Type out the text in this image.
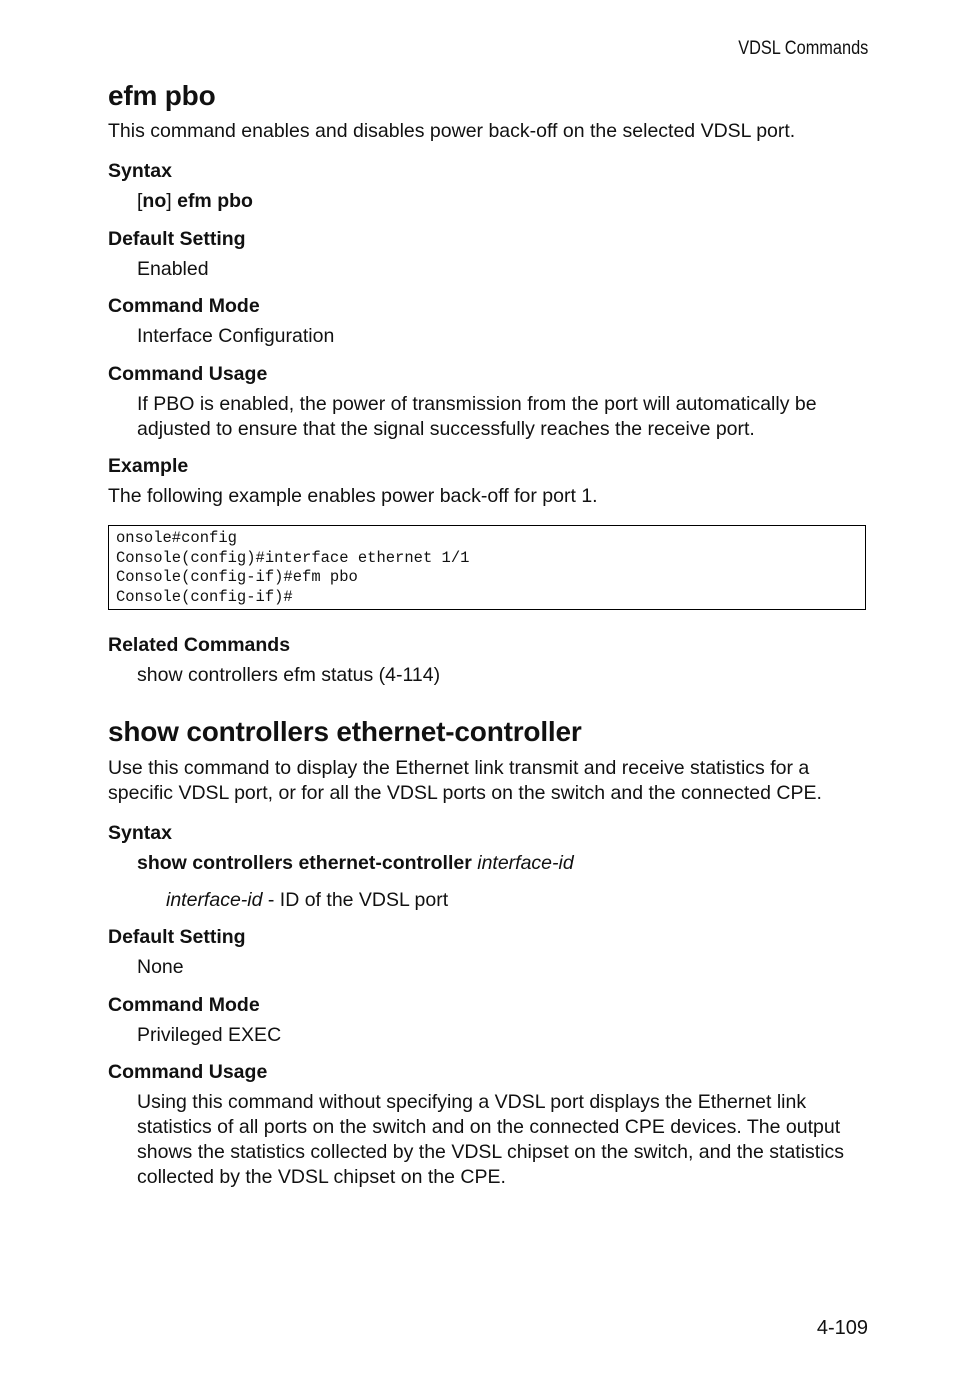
VDSL Commands
efm pbo

This command enables and disables power back-off on the selected VDSL port.

Syntax

[no] efm pbo

Default Setting

Enabled

Command Mode

Interface Configuration

Command Usage

If PBO is enabled, the power of transmission from the port will automatically be adjusted to ensure that the signal successfully reaches the receive port.

Example

The following example enables power back-off for port 1.

onsole#config
Console(config)#interface ethernet 1/1
Console(config-if)#efm pbo
Console(config-if)#

Related Commands

show controllers efm status (4-114)

show controllers ethernet-controller

Use this command to display the Ethernet link transmit and receive statistics for a specific VDSL port, or for all the VDSL ports on the switch and the connected CPE.

Syntax

show controllers ethernet-controller interface-id

interface-id - ID of the VDSL port

Default Setting

None

Command Mode

Privileged EXEC

Command Usage

Using this command without specifying a VDSL port displays the Ethernet link statistics of all ports on the switch and on the connected CPE devices. The output shows the statistics collected by the VDSL chipset on the switch, and the statistics collected by the VDSL chipset on the CPE.

4-109
